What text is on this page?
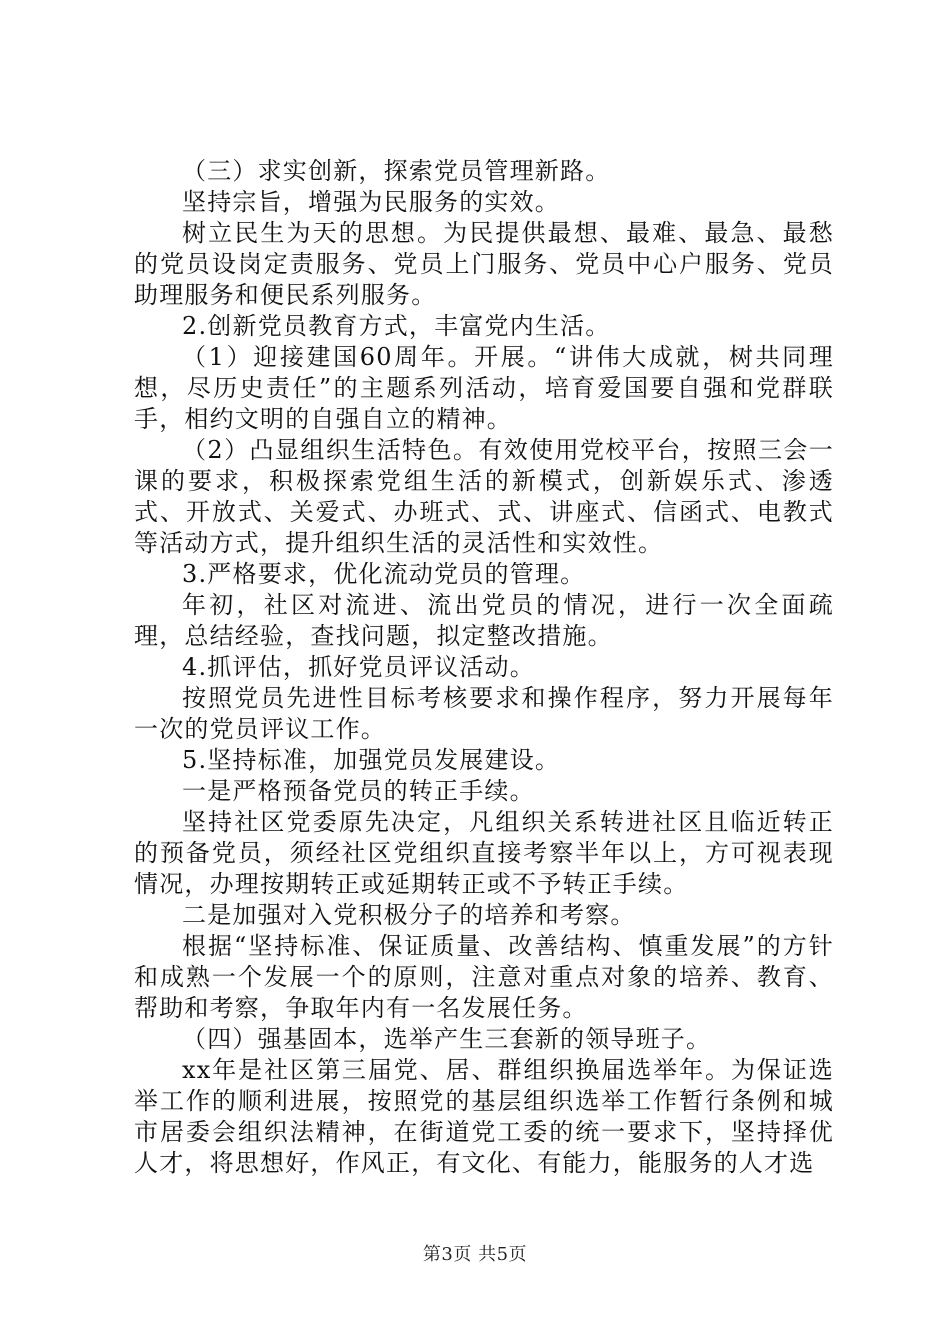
（三）求实创新，探索党员管理新路。

坚持宗旨，增强为民服务的实效。

树立民生为天的思想。为民提供最想、最难、最急、最愁的党员设岗定责服务、党员上门服务、党员中心户服务、党员助理服务和便民系列服务。

2.创新党员教育方式，丰富党内生活。

（1）迎接建国60周年。开展。“讲伟大成就，树共同理想，尽历史责任”的主题系列活动，培育爱国要自强和党群联手，相约文明的自强自立的精神。

（2）凸显组织生活特色。有效使用党校平台，按照三会一课的要求，积极探索党组生活的新模式，创新娱乐式、渗透式、开放式、关爱式、办班式、式、讲座式、信函式、电教式等活动方式，提升组织生活的灵活性和实效性。

3.严格要求，优化流动党员的管理。

年初，社区对流进、流出党员的情况，进行一次全面疏理，总结经验，查找问题，拟定整改措施。

4.抓评估，抓好党员评议活动。

按照党员先进性目标考核要求和操作程序，努力开展每年一次的党员评议工作。

5.坚持标准，加强党员发展建设。

一是严格预备党员的转正手续。

坚持社区党委原先决定，凡组织关系转进社区且临近转正的预备党员，须经社区党组织直接考察半年以上，方可视表现情况，办理按期转正或延期转正或不予转正手续。

二是加强对入党积极分子的培养和考察。

根据“坚持标准、保证质量、改善结构、慎重发展”的方针和成熟一个发展一个的原则，注意对重点对象的培养、教育、帮助和考察，争取年内有一名发展任务。

（四）强基固本，选举产生三套新的领导班子。

xx年是社区第三届党、居、群组织换届选举年。为保证选举工作的顺利进展，按照党的基层组织选举工作暂行条例和城市居委会组织法精神，在街道党工委的统一要求下，坚持择优人才，将思想好，作风正，有文化、有能力，能服务的人才选

第3页 共5页
